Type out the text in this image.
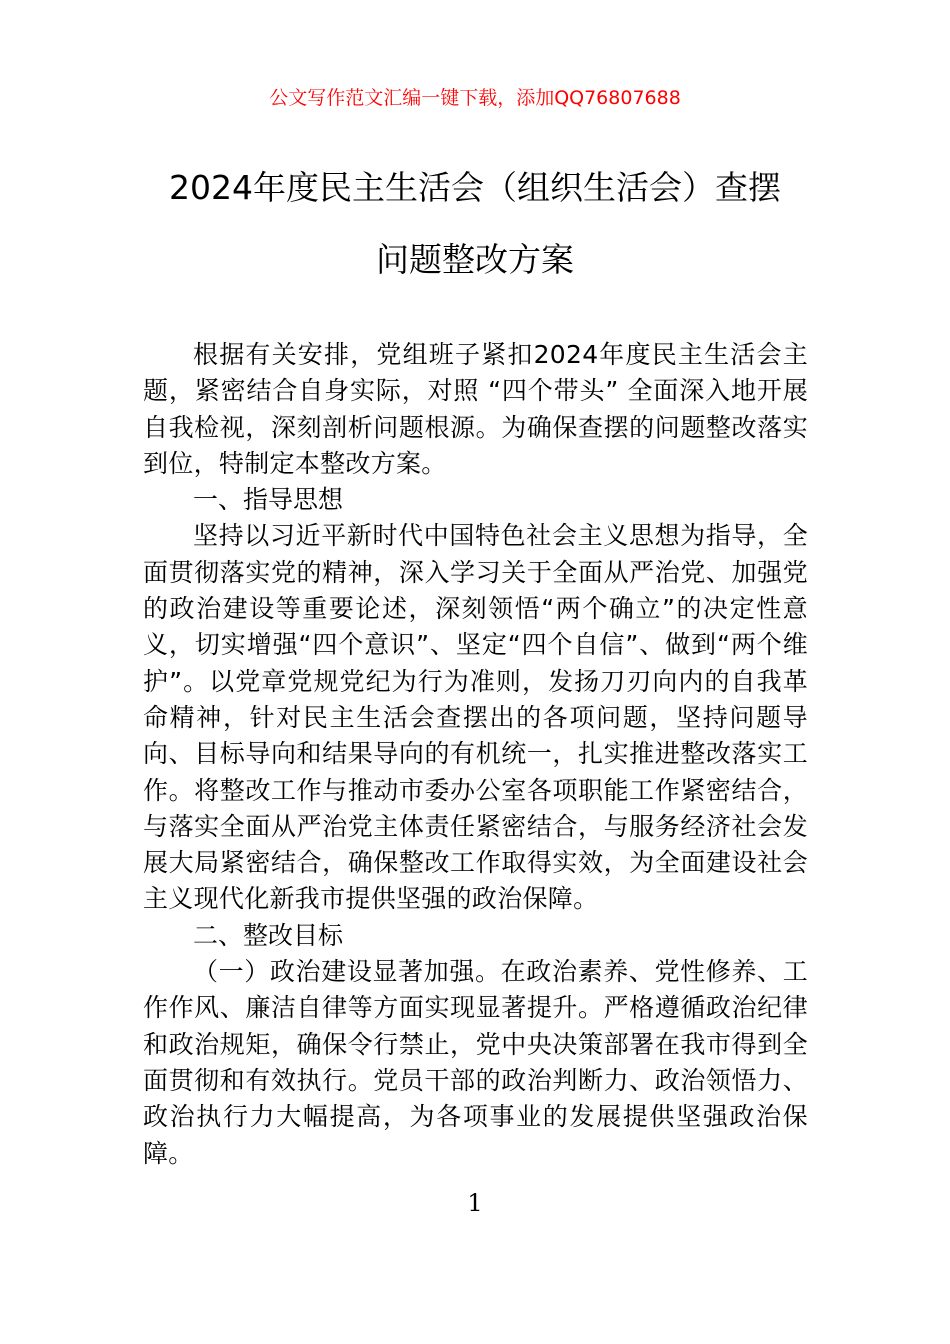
公文写作范文汇编一键下载，添加QQ76807688
2024年度民主生活会（组织生活会）查摆
问题整改方案

根据有关安排，党组班子紧扣2024年度民主生活会主题，紧密结合自身实际，对照 “四个带头” 全面深入地开展自我检视，深刻剖析问题根源。为确保查摆的问题整改落实到位，特制定本整改方案。

一、指导思想

坚持以习近平新时代中国特色社会主义思想为指导，全面贯彻落实党的精神，深入学习关于全面从严治党、加强党的政治建设等重要论述，深刻领悟“两个确立”的决定性意义，切实增强“四个意识”、坚定“四个自信”、做到“两个维护”。以党章党规党纪为行为准则，发扬刀刃向内的自我革命精神，针对民主生活会查摆出的各项问题，坚持问题导向、目标导向和结果导向的有机统一，扎实推进整改落实工作。将整改工作与推动市委办公室各项职能工作紧密结合，与落实全面从严治党主体责任紧密结合，与服务经济社会发展大局紧密结合，确保整改工作取得实效，为全面建设社会主义现代化新我市提供坚强的政治保障。

二、整改目标

（一）政治建设显著加强。在政治素养、党性修养、工作作风、廉洁自律等方面实现显著提升。严格遵循政治纪律和政治规矩，确保令行禁止，党中央决策部署在我市得到全面贯彻和有效执行。党员干部的政治判断力、政治领悟力、政治执行力大幅提高，为各项事业的发展提供坚强政治保障。

1
